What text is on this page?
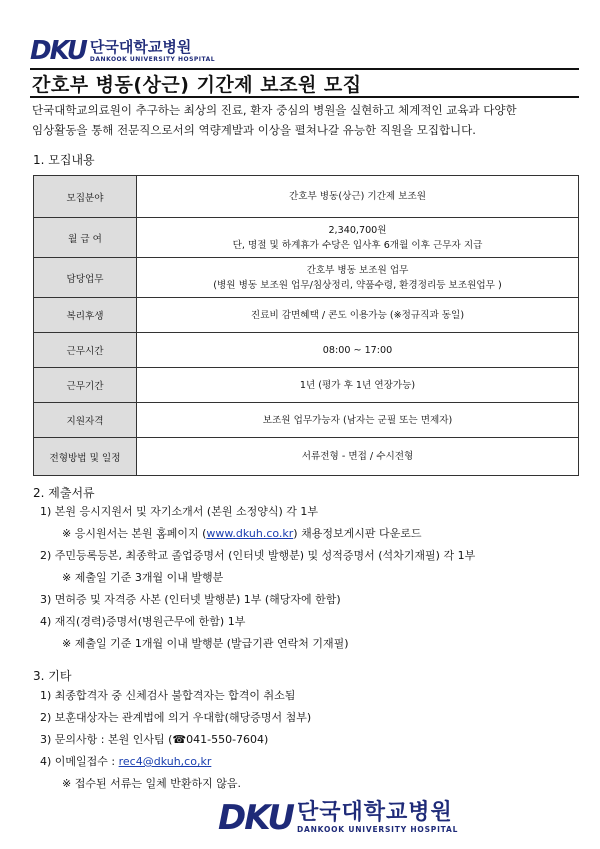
DKU 단국대학교병원
DANKOOK UNIVERSITY HOSPITAL
간호부 병동(상근) 기간제 보조원 모집
단국대학교의료원이 추구하는 최상의 진료, 환자 중심의 병원을 실현하고 체계적인 교육과 다양한
임상활동을 통해 전문직으로서의 역량계발과 이상을 펼쳐나갈 유능한 직원을 모집합니다.
1. 모집내용
모집분야	간호부 병동(상근) 기간제 보조원
월 급 여	2,340,700원
단, 명절 및 하계휴가 수당은 입사후 6개월 이후 근무자 지급

담당업무	간호부 병동 보조원 업무
(병원 병동 보조원 업무/침상정리, 약품수령, 환경정리등 보조원업무 )

복리후생	진료비 감면혜택 / 콘도 이용가능 (※정규직과 동일)
근무시간	08:00 ~ 17:00
근무기간	1년 (평가 후 1년 연장가능)
지원자격	보조원 업무가능자 (남자는 군필 또는 면제자)
전형방법 및 일정	서류전형 - 면접 / 수시전형
2. 제출서류
1) 본원 응시지원서 및 자기소개서 (본원 소정양식) 각 1부
※ 응시원서는 본원 홈페이지 (www.dkuh.co.kr) 채용정보게시판 다운로드
2) 주민등록등본, 최종학교 졸업증명서 (인터넷 발행분) 및 성적증명서 (석차기재필) 각 1부
※ 제출일 기준 3개월 이내 발행분
3) 면허증 및 자격증 사본 (인터넷 발행분) 1부 (해당자에 한함)
4) 재직(경력)증명서(병원근무에 한함) 1부
※ 제출일 기준 1개월 이내 발행분 (발급기관 연락처 기재필)
3. 기타
1) 최종합격자 중 신체검사 불합격자는 합격이 취소됨
2) 보훈대상자는 관계법에 의거 우대함(해당증명서 첨부)
3) 문의사항 : 본원 인사팀 (☎041-550-7604)
4) 이메일접수 : rec4@dkuh,co,kr
※ 접수된 서류는 일체 반환하지 않음.
DKU 단국대학교병원
DANKOOK UNIVERSITY HOSPITAL
